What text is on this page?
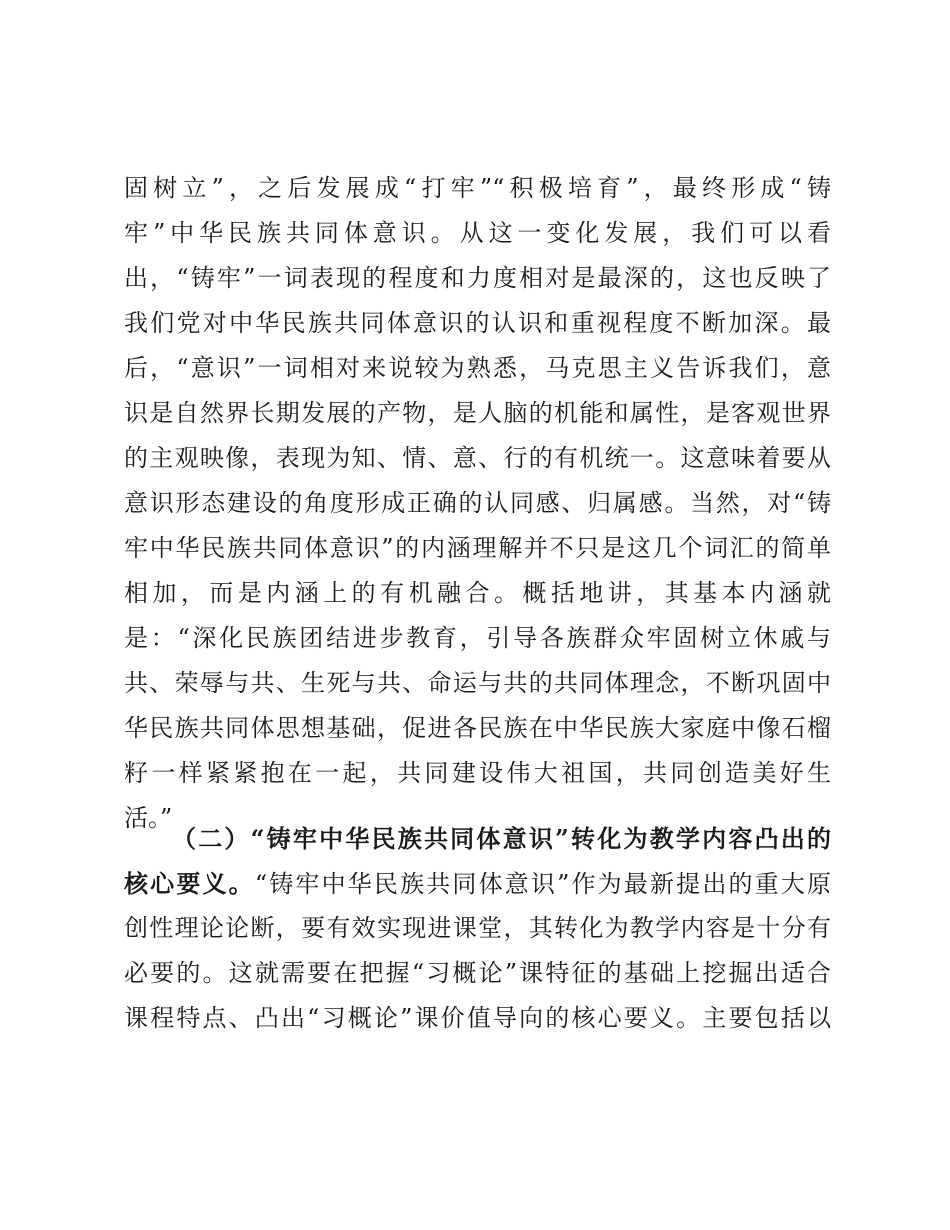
固树立”，之后发展成“打牢”“积极培育”，最终形成“铸
牢”中华民族共同体意识。从这一变化发展，我们可以看
出，“铸牢”一词表现的程度和力度相对是最深的，这也反映了
我们党对中华民族共同体意识的认识和重视程度不断加深。最
后，“意识”一词相对来说较为熟悉，马克思主义告诉我们，意
识是自然界长期发展的产物，是人脑的机能和属性，是客观世界
的主观映像，表现为知、情、意、行的有机统一。这意味着要从
意识形态建设的角度形成正确的认同感、归属感。当然，对“铸
牢中华民族共同体意识”的内涵理解并不只是这几个词汇的简单
相加，而是内涵上的有机融合。概括地讲，其基本内涵就
是：“深化民族团结进步教育，引导各族群众牢固树立休戚与
共、荣辱与共、生死与共、命运与共的共同体理念，不断巩固中
华民族共同体思想基础，促进各民族在中华民族大家庭中像石榴
籽一样紧紧抱在一起，共同建设伟大祖国，共同创造美好生
活。”
（二）“铸牢中华民族共同体意识”转化为教学内容凸出的
核心要义。“铸牢中华民族共同体意识”作为最新提出的重大原
创性理论论断，要有效实现进课堂，其转化为教学内容是十分有
必要的。这就需要在把握“习概论”课特征的基础上挖掘出适合
课程特点、凸出“习概论”课价值导向的核心要义。主要包括以
